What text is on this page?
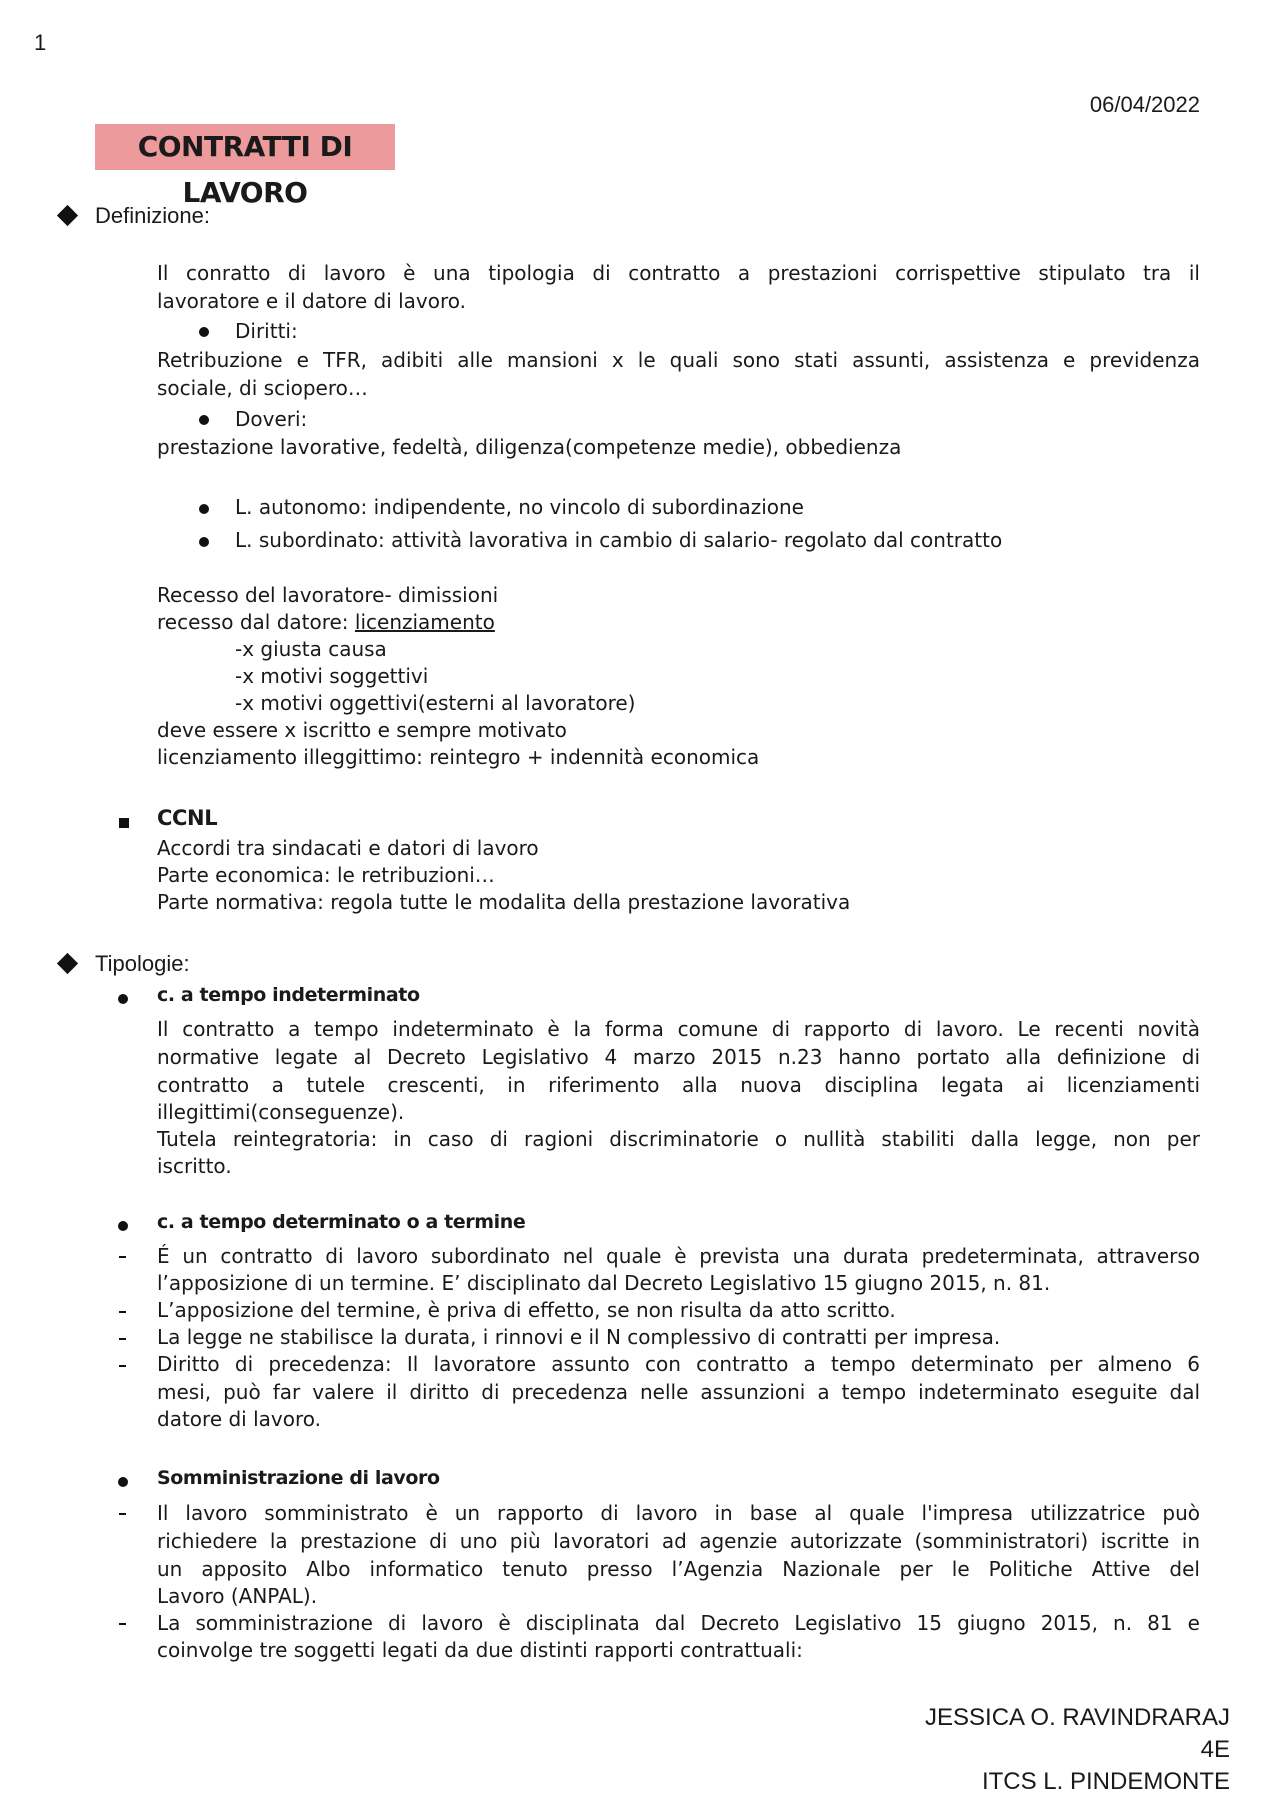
1
06/04/2022
CONTRATTI DI LAVORO
Definizione:
Il conratto di lavoro è una tipologia di contratto a prestazioni corrispettive stipulato tra il
lavoratore e il datore di lavoro.
Diritti:
Retribuzione e TFR, adibiti alle mansioni x le quali sono stati assunti, assistenza e previdenza
sociale, di sciopero…
Doveri:
prestazione lavorative, fedeltà, diligenza(competenze medie), obbedienza
L. autonomo: indipendente, no vincolo di subordinazione
L. subordinato: attività lavorativa in cambio di salario- regolato dal contratto
Recesso del lavoratore- dimissioni
recesso dal datore: licenziamento
-x giusta causa
-x motivi soggettivi
-x motivi oggettivi(esterni al lavoratore)
deve essere x iscritto e sempre motivato
licenziamento illeggittimo: reintegro + indennità economica
CCNL
Accordi tra sindacati e datori di lavoro
Parte economica: le retribuzioni…
Parte normativa: regola tutte le modalita della prestazione lavorativa
Tipologie:
c. a tempo indeterminato
Il contratto a tempo indeterminato è la forma comune di rapporto di lavoro. Le recenti novità
normative legate al Decreto Legislativo 4 marzo 2015 n.23 hanno portato alla definizione di
contratto a tutele crescenti, in riferimento alla nuova disciplina legata ai licenziamenti
illegittimi(conseguenze).
Tutela reintegratoria: in caso di ragioni discriminatorie o nullità stabiliti dalla legge, non per
iscritto.
c. a tempo determinato o a termine
É un contratto di lavoro subordinato nel quale è prevista una durata predeterminata, attraverso
l’apposizione di un termine. E’ disciplinato dal Decreto Legislativo 15 giugno 2015, n. 81.
L’apposizione del termine, è priva di effetto, se non risulta da atto scritto.
La legge ne stabilisce la durata, i rinnovi e il N complessivo di contratti per impresa.
Diritto di precedenza: Il lavoratore assunto con contratto a tempo determinato per almeno 6
mesi, può far valere il diritto di precedenza nelle assunzioni a tempo indeterminato eseguite dal
datore di lavoro.
Somministrazione di lavoro
Il lavoro somministrato è un rapporto di lavoro in base al quale l'impresa utilizzatrice può
richiedere la prestazione di uno più lavoratori ad agenzie autorizzate (somministratori) iscritte in
un apposito Albo informatico tenuto presso l’Agenzia Nazionale per le Politiche Attive del
Lavoro (ANPAL).
La somministrazione di lavoro è disciplinata dal Decreto Legislativo 15 giugno 2015, n. 81 e
coinvolge tre soggetti legati da due distinti rapporti contrattuali:
JESSICA O. RAVINDRARAJ
4E
ITCS L. PINDEMONTE
